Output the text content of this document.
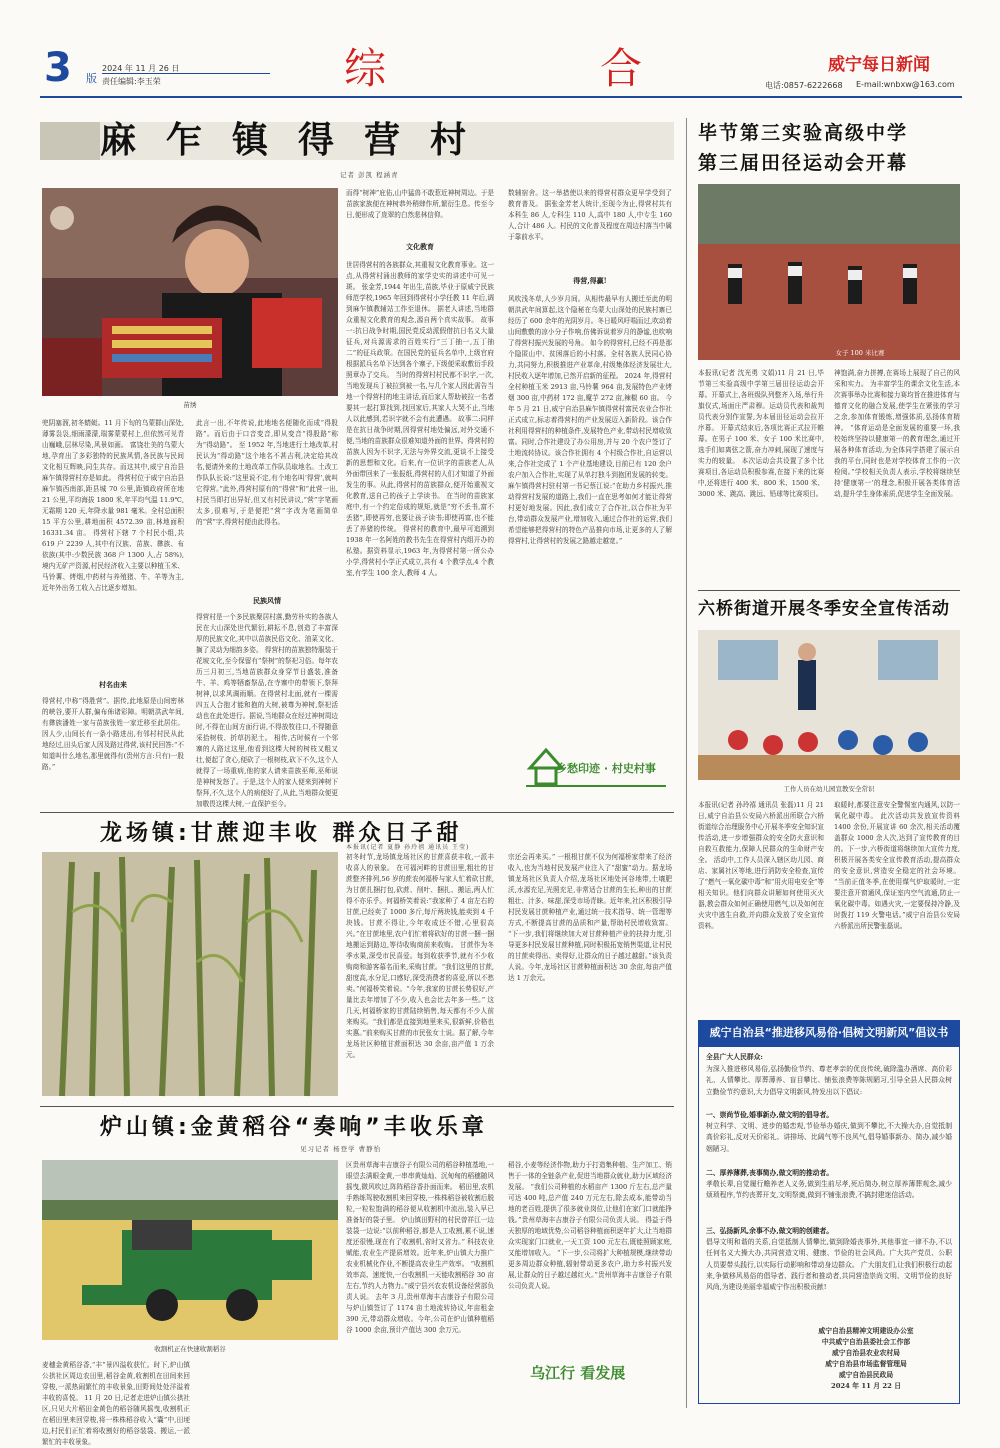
3 版
2024 年 11 月 26 日
责任编辑:李玉荣	综	合	威宁每日新闻
电话:0857-6222668 E-mail:wnbxw@163.com
麻乍镇得营村
记者 彭凯 程涵青
苗绣
兜阴塞溜,初冬蜻蜓。11 月下旬的乌蒙群山深处,薄雾袅袅,细雨濛濛,瑞雾蒙蒙村上,但依然可见青山巍峨,层林尽染,风景如画。 富饶壮美的乌蒙大地,孕育出了多彩独特的民族风情,各民族与民间文化相互辉映,同生共存。而这其中,威宁自治县麻乍镇得营村亦是如此。 得营村位于威宁自治县麻乍镇西南部,距县城 70 公里,距镇政府所在地 21 公里,平均海拔 1800 米,年平均气温 11.9℃,无霜期 120 天,年降水量 981 毫米。全村总面积 15 平方公里,耕地面积 4572.39 亩,林地面积 16331.34 亩。 得营村下辖 7 个村民小组,共 619 户 2239 人,其中有汉族、苗族、彝族、布依族(其中:少数民族 368 户 1300 人,占 58%),境内无矿产资源,村民经济收入主要以种植玉米、马铃薯、烤烟,中药材与养殖猪、牛、羊等为主,近年外出务工收入占比逐步增加。
村名由来
得营村,中称“得胜营”。据传,此地原是山间密林的峡谷,要开人群,偏布佈诸彩障。明朝洪武年间,有彝族潘姓一家与苗族张姓一家迁移至此居住。因人少,山间长有一条小路进出,有邻村村民从此地经过,田头后家人因及路过得营,该村民回答:“不知道叫什么地名,那里就得有(贵州方言:只有)一股路。”
此言一出,不年传说,此地地名便随化而成“得股路”。而后由于口音变音,即从变音“得股路”称为“得动路”。 至 1952 年,当地进行土地改革,村民认为“得动路”这个地名不甚吉利,决定给其改名,便请外来的土地改革工作队员取地名。土改工作队队长说:“这里说不定,有个地名叫‘得营’,就叫它得营。”此外,得营村原有的“得营”和“此营一出,村民当即打出异好,但又有村民讲议,“营”字笔画太多,很难写,于是便把“营”字改为笔画简单的“营”字,得营村便由此得名。
民族风情
得营村是一个多民族聚居村落,勤劳朴实的各族人民在大山深处世代繁衍,耕耘不息,创造了丰富深厚的民族文化,其中以苗族民俗文化、油菜文化、搁了灵动为细韵多姿。 得营村的苗族独特服装于花坡文化,至今保留有“祭树”的祭祀习俗。每年农历三月初三,当地苗族群众身穿节日盛装,准备牛、羊、鸡等牺畜祭品,在寺寨中的带领下,祭拜树神,以求风调雨顺。在得营村北面,就有一棵需四五人合抱才能和抱的大树,被尊为神树,祭祀活动也在此处进行。据说,当地群众在经过神树周边时,不得在山间方面行讲,不得放牧往口,不得随意采拾树枝、折草扔泥土。 相传,古时候有一个邻寨的人路过这里,他看到这棵大树的树枝又粗又壮,便起了贪心,便砍了一根树枝,砍下不久,这个人就得了一场重病,他的家人请来苗族巫师,巫师说是神树发怒了。于是,这个人的家人便来到神树下祭拜,不久,这个人的病便好了,从此,当地群众便更加敬畏这棵大树,一直保护至今。
而得“树神”庇佑,山中猛兽不敢惹近神树周边。于是苗族家族便在神树恭外稍肆作所,繁衍生息。传至今日,便形成了庞翠的白然悲林信仰。
文化教育
世居得营村的各族群众,其重视文化教育事业。这一点,从得营村涌出教师的家学史实的讲述中可见一斑。 张金芳,1944 年出生,苗族,毕业于原威宁民族师范学校,1965 年回到得营村小学任教 11 年后,调到麻乍镇教辅站工作至退休。 据老人讲述,当地群众重视文化教育的观念,源自两个真实故事。 故事一:抗日战争时期,国民党反动派假借抗日名义大量征兵,对兵源需求的百姓实行“三丁抽一,五丁抽二”的征兵政策。在国民党的征兵名单中,上级官府根据派兵名单下达到各个寨子,下级便采取敷衍手段照章办了交兵。 当时的得营村村民都不识字,一次,当地发现兵丁被拉到被一名,与几个家人因此需告当地一个得营村的地主讲话,而后家人帮助被拉一名者要其一起打算找到,找回家后,其家人大哭不止,当地人以此感到,若识字就不会有此遭遇。 故事二:同样是在抗日战争时期,因得营村地处偏远,对外交通不便,当地的苗族群众很难知道外面的世界。得营村的苗族人因为不识字,无法与外界交流,更谈不上接受新的思想和文化。后来,有一位识字的苗族老人,从外面带回来了一张报纸,得营村的人们才知道了外面发生的事。从此,得营村的苗族群众,便开始重视文化教育,送自己的孩子上学读书。 在当时的苗族家庭中,有一个约定俗成的规矩,就是“穷不丢书,富不丢猪”,即使再穷,也要让孩子读书;即使再富,也不能丢了养猪的传统。 得营村的教育中,最早可追溯到 1938 年一名阿姓的教书先生在得营村内组开办的私塾。据资料显示,1963 年,为得营村第一所公办小学,得营村小学正式成立,共有 4 个教学点,4 个教室,有学生 100 余人,教师 4 人。
数辅宿舍。这一举措使以来的得营村群众更早学受到了教育普及。 据张金芳老人统计,至现今为止,得营村共有本科生 86 人,专科生 110 人,高中 180 人,中专生 160 人,合计 486 人。村民的文化普及程度在周边村落当中属于靠前水平。
得营,得赢!
风吹浅冬草,人少岁月间。从相传最早有人搬迁至此的明朝洪武年间算起,这个隐秘在乌蒙大山深处的民族村寨已经历了 600 余年的光阴岁月。冬日暖风吁喘而过,吹动着山间敷敷的凉小分子作响,仿佛诉说着岁月的静谧,也吹响了得营村振兴发展的号角。 如今的得营村,已经不再是那个隐匿山中、贫困落后的小村落。全村各族人民同心协力,共同努力,积极推进产业革命,村级集体经济发展壮大,村民收入逐年增加,已然开启新的征程。 2024 年,得营村全村种植玉米 2913 亩,马铃薯 964 亩,发展特色产业烤烟 300 亩,中药材 172 亩,魔芋 272 亩,辣椒 60 亩。 今年 5 月 21 日,威宁自治县麻乍镇得营村富民农业合作社正式成立,标志着得营村的产业发展迈入新阶段。该合作社利用得营村的种植条件,发展特色产业,带动村民增收致富。同时,合作社建设了办公用房,并与 20 个农户签订了土地流转协议。该合作社拥有 4 个村级合作社,自运营以来,合作社完成了 1 个产业基地建设,目前已有 120 余户农户加入合作社,实现了从单打独斗到抱团发展的转变。 麻乍镇得营村驻村第一书记蔡江说:“在助力乡村振兴,推动得营村发展的道路上,我们一直在思考如何才能让得营村更好地发展。因此,我们成立了合作社,以合作社为平台,带动群众发展产业,增加收入,通过合作社的运营,我们希望能够把得营村的特色产品推向市场,让更多的人了解得营村,让得营村的发展之路越走越宽。”
乡愁印迹 · 村史村事
龙场镇:甘蔗迎丰收 群众日子甜
初冬时节,龙场镇龙场社区的甘蔗喜获丰收,一派丰收喜人的景象。 在可福河畔的甘蔗田里,粗壮的甘蔗整齐排列,56 岁的蔗农何福桥与家人忙着砍甘蔗,为甘蔗扎捆打包,砍蔗、削叶、捆扎、搬运,两人忙得不亦乐乎。何福桥笑着说:“我家种了 4 亩左右的甘蔗,已经卖了 1000 多斤,每斤两块钱,能卖到 4 千块钱。甘蔗不得让,今年收成还不错,心里很高兴。”在甘蔗地里,农户们忙着将砍好的甘蔗一捆一捆地搬运到路边,等待收购商前来收购。 甘蔗作为冬季水果,深受市民喜爱。每到收获季节,就有不少收购商和游客慕名而来,采购甘蔗。“我们这里的甘蔗,甜度高,水分足,口感好,深受消费者的喜爱,所以不愁卖。”何福桥笑着说。“今年,我家的甘蔗长势很好,产量比去年增加了不少,收入也会比去年多一些。” 这几天,何福桥家的甘蔗陆续销售,每天都有不少人前来购买。“我们都是直接到地里来买,很新鲜,价格也实惠。”前来购买甘蔗的市民张女士说。据了解,今年龙场社区种植甘蔗面积达 30 余亩,亩产值 1 万余元。
宗还会再来买。” 一根根甘蔗不仅为何福桥家带来了经济收入,也为当地村民发展产业注入了“甜蜜”动力。据龙场镇龙场社区负责人介绍,龙场社区地处河谷地带,土壤肥沃,水源充足,光照充足,非常适合甘蔗的生长,种出的甘蔗粗壮、汁多、味甜,深受市场青睐。近年来,社区积极引导村民发展甘蔗种植产业,通过统一技术指导、统一管理等方式,不断提高甘蔗的品质和产量,帮助村民增收致富。 “下一步,我们将继续加大对甘蔗种植产业的扶持力度,引导更多村民发展甘蔗种植,同时积极拓宽销售渠道,让村民的甘蔗卖得出、卖得好,让群众的日子越过越甜。”该负责人说。今年,龙场社区甘蔗种植面积达 30 余亩,每亩产值达 1 万余元。
本报讯(记者 夏静 孙玲禧 通讯员 王莹)
炉山镇:金黄稻谷“奏响”丰收乐章
见习记者 杨登学 曹静怡
收割机正在快速收割稻谷
麦穗金黄稻谷香,“丰”景四溢收获忙。时下,炉山镇公拱社区周边农田里,稻谷金黄,收割机在田间来回穿梭,一派热闹繁忙的丰收景象,田野间处处洋溢着丰收的喜悦。 11 月 20 日,记者走进炉山镇公拱社区,只见大片稻田金黄色的稻谷随风摇曳,收割机正在稻田里来回穿梭,将一株株稻谷收入“囊”中,田埂边,村民们正忙着将收割好的稻谷装袋、搬运,一派繁忙的丰收景象。
区贵州草海丰吉康谷子有限公司的稻谷种植基地,一眼望去满眼金黄,一串串黄灿灿、沉甸甸的稻穗随风摇曳,微风吹过,阵阵稻谷香扑面而来。 稻田里,农机手熟练驾驶收割机来回穿梭,一株株稻谷被收割后脱粒,一粒粒饱满的稻谷便从收割机中流出,装入早已准备好的袋子里。 炉山镇田野村的村民曾祥江一边装袋一边说:“以前种稻谷,都是人工收割,累不说,速度还很慢,现在有了收割机,省时又省力。” 科技农业赋能,农业生产提质增效。近年来,炉山镇大力推广农业机械化作业,不断提高农业生产效率。 “收割机效率高、速度快,一台收割机一天能收割稻谷 30 亩左右,节约人力物力。”威宁县兴农农机设备经营部负责人说。 去年 3 月,贵州草海丰吉康谷子有限公司与炉山镇签订了 1174 亩土地流转协议,年亩租金 390 元,带动群众增收。今年,公司在炉山镇种植稻谷 1000 余亩,预计产值达 300 余万元。
稻谷,小麦等经济作物,助力于打造集种植、生产加工、销售于一体的全链条产业,促进当地群众就业,助力区域经济发展。 “我们公司种植的水稻亩产 1300 斤左右,总产量可达 400 吨,总产值 240 万元左右,除去成本,能带动当地的老百姓,提供了很多就业岗位,让他们在家门口就能挣钱。”贵州草海丰吉康谷子有限公司负责人说。 得益于得天独厚的地域优势,公司稻谷种植面积逐年扩大,让当地群众实现家门口就业,一天工资 100 元左右,既能照顾家庭,又能增加收入。 “下一步,公司将扩大种植规模,继续带动更多周边群众种植,辐射带动更多农户,助力乡村振兴发展,让群众的日子越过越红火。”贵州草海丰吉康谷子有限公司负责人说。
乌江行 看发展
毕节第三实验高级中学
第三届田径运动会开幕
女子 100 米比赛
本报讯(记者 沈光勇 文娟)11 月 21 日,毕节第三实验高级中学第三届田径运动会开幕。开幕式上,各班级队列整齐入场,举行升旗仪式,场面庄严肃穆。运动员代表和裁判员代表分别作宣誓,为本届田径运动会拉开序幕。 开幕式结束后,各项比赛正式拉开帷幕。在男子 100 米、女子 100 米比赛中,选手们如离弦之箭,奋力冲刺,展现了速度与实力的较量。 本次运动会共设置了多个比赛项目,各运动员积极参赛,在接下来的比赛中,还将进行 400 米、800 米、1500 米、3000 米、跳高、跳远、铅球等比赛项目。
神饱满,奋力拼搏,在赛场上展现了自己的风采和实力。 为丰富学生的课余文化生活,本次赛事举办比赛和接力赛均旨在推进体育与德育文化的融合发展,使学生在紧张的学习之余,参加体育锻炼,增强体质,弘扬体育精神。 “体育运动是全面发展的重要一环,我校始终坚持以健康第一的教育理念,通过开展各种体育活动,为全体同学搭建了展示自我的平台,同时也是对学校体育工作的一次检阅。”学校相关负责人表示,学校将继续坚持‘健康第一’的理念,积极开展各类体育活动,提升学生身体素质,促进学生全面发展。
六桥街道开展冬季安全宣传活动
工作人员在幼儿园宣教安全常识
本报讯(记者 孙玲禧 通讯员 张磊)11 月 21 日,威宁自治县公安局六桥派出所联合六桥街道综合治理服务中心开展冬季安全知识宣传活动,进一步增强群众的安全防火意识和自救互救能力,保障人民群众的生命财产安全。 活动中,工作人员深入辖区幼儿园、商店、家属社区等地,进行消防安全检查,宣传了“燃气一氧化碳中毒”和“用火用电安全”等相关知识。他们向群众讲解如何使用灭火器,教会群众如何正确使用燃气,以及如何在火灾中逃生自救,并向群众发放了安全宣传资料。
取暖时,都要注意安全警惕室内通风,以防一氧化碳中毒。 此次活动共发放宣传资料 1400 余份,开展宣讲 60 余次,相关活动覆盖群众 1000 余人次,达到了宣传教育的目的。下一步,六桥街道将继续加大宣传力度,积极开展各类安全宣传教育活动,提高群众的安全意识,营造安全稳定的社会环境。 “当前正值冬季,在使用煤气炉取暖时,一定要注意开窗通风,保证室内空气流通,防止一氧化碳中毒。如遇火灾,一定要保持冷静,及时拨打 119 火警电话。”威宁自治县公安局六桥派出所民警张磊说。
威宁自治县“推进移风易俗·倡树文明新风”倡议书
全县广大人民群众:
为深入推进移风易俗,弘扬勤俭节约、尊老孝亲的优良传统,破除滥办酒席、高价彩礼、人情攀比、厚葬薄养、盲目攀比、铺张浪费等陈规陋习,引导全县人民群众树立勤俭节约意识,大力倡导文明新风,特发出以下倡议:
一、崇尚节俭,婚事新办,做文明的倡导者。
树立科学、文明、进步的婚恋观,节俭举办婚庆,做到不攀比,不大操大办,自觉抵制高价彩礼,反对天价彩礼、讲排场、比阔气等不良风气,倡导婚事新办、简办,减少婚姻陋习。
二、厚养薄葬,丧事简办,做文明的推动者。
孝敬长辈,自觉履行赡养老人义务,做到生前尽孝,死后简办,树立厚养薄葬观念,减少烦琐程序,节约丧葬开支,文明祭奠,做到不铺张浪费,不搞封建迷信活动。
三、弘扬新风,余事不办,做文明的创建者。
倡导文明和谐的关系,自觉抵制人情攀比,做到除婚丧事外,其他事宜一律不办,不以任何名义大操大办,共同营造文明、健康、节俭的社会风尚。广大共产党员、公职人员要带头践行,以实际行动影响和带动身边群众。 广大朋友们,让我们积极行动起来,争做移风易俗的倡导者、践行者和推动者,共同营造崇尚文明、文明节俭的良好风尚,为建设美丽幸福威宁作出积极贡献!
威宁自治县精神文明建设办公室
中共威宁自治县委社会工作部
威宁自治县农业农村局
威宁自治县市场监督管理局
威宁自治县民政局
2024 年 11 月 22 日
